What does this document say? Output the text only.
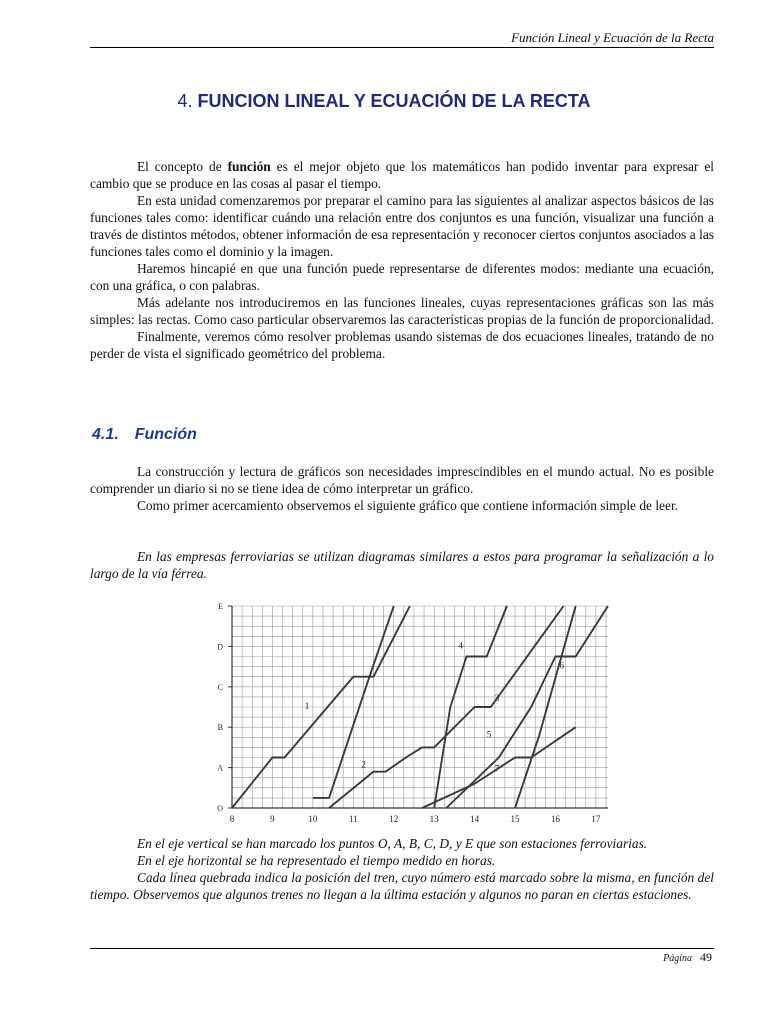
Función Lineal y Ecuación de la Recta
4. FUNCION LINEAL Y ECUACIÓN DE LA RECTA

El concepto de función es el mejor objeto que los matemáticos han podido inventar para expresar el cambio que se produce en las cosas al pasar el tiempo.

En esta unidad comenzaremos por preparar el camino para las siguientes al analizar aspectos básicos de las funciones tales como: identificar cuándo una relación entre dos conjuntos es una función, visualizar una función a través de distintos métodos, obtener información de esa representación y reconocer ciertos conjuntos asociados a las funciones tales como el dominio y la imagen.

Haremos hincapié en que una función puede representarse de diferentes modos: mediante una ecuación, con una gráfica, o con palabras.

Más adelante nos introduciremos en las funciones lineales, cuyas representaciones gráficas son las más simples: las rectas. Como caso particular observaremos las características propias de la función de proporcionalidad.

Finalmente, veremos cómo resolver problemas usando sistemas de dos ecuaciones lineales, tratando de no perder de vista el significado geométrico del problema.

4.1. Función

La construcción y lectura de gráficos son necesidades imprescindibles en el mundo actual. No es posible comprender un diario si no se tiene idea de cómo interpretar un gráfico.

Como primer acercamiento observemos el siguiente gráfico que contiene información simple de leer.

En las empresas ferroviarias se utilizan diagramas similares a estos para programar la señalización a lo largo de la vía férrea.

8	9	10	11	12	13	14	15	16	17
O
A
B
C
D
E
1
2
3
4
5
6
7

En el eje vertical se han marcado los puntos O, A, B, C, D, y E que son estaciones ferroviarias.

En el eje horizontal se ha representado el tiempo medido en horas.

Cada línea quebrada indica la posición del tren, cuyo número está marcado sobre la misma, en función del tiempo. Observemos que algunos trenes no llegan a la última estación y algunos no paran en ciertas estaciones.

Página 49
